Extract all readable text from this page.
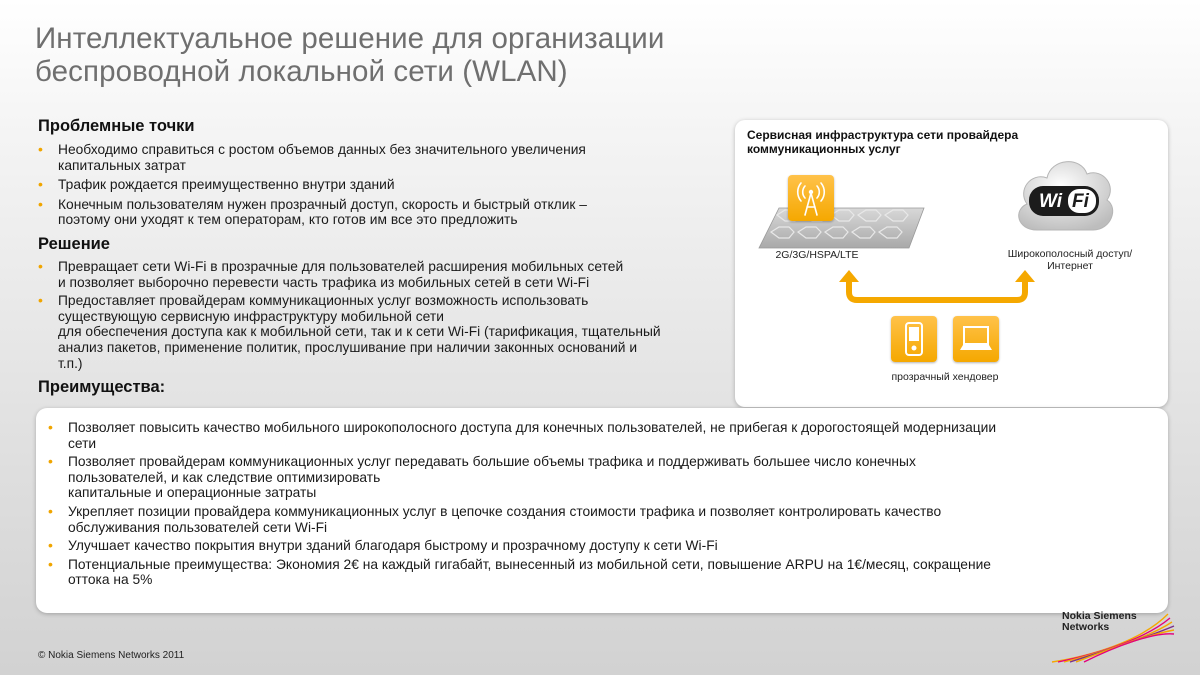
Интеллектуальное решение для организации
беспроводной локальной сети (WLAN)
Проблемные точки
• Необходимо справиться с ростом объемов данных без значительного увеличения
капитальных затрат
• Трафик рождается преимущественно внутри зданий
• Конечным пользователям нужен прозрачный доступ, скорость и быстрый отклик –
поэтому они уходят к тем операторам, кто готов им все это предложить
Решение
• Превращает сети Wi-Fi в прозрачные для пользователей расширения мобильных сетей
и позволяет выборочно перевести часть трафика из мобильных сетей в сети Wi-Fi
• Предоставляет провайдерам коммуникационных услуг возможность использовать
существующую сервисную инфраструктуру мобильной сети
для обеспечения доступа как к мобильной сети, так и к сети Wi-Fi (тарификация, тщательный
анализ пакетов, применение политик, прослушивание при наличии законных оснований и
т.п.)
Сервисная инфраструктура сети провайдера
коммуникационных услуг
2G/3G/HSPA/LTE
Wi Fi
Широкополосный доступ/
Интернет
прозрачный хендовер
Преимущества:
• Позволяет повысить качество мобильного широкополосного доступа для конечных пользователей, не прибегая к дорогостоящей модернизации
сети
• Позволяет провайдерам коммуникационных услуг передавать большие объемы трафика и поддерживать большее число конечных
пользователей, и как следствие оптимизировать
капитальные и операционные затраты
• Укрепляет позиции провайдера коммуникационных услуг в цепочке создания стоимости трафика и позволяет контролировать качество
обслуживания пользователей сети Wi-Fi
• Улучшает качество покрытия внутри зданий благодаря быстрому и прозрачному доступу к сети Wi-Fi
• Потенциальные преимущества: Экономия 2€ на каждый гигабайт, вынесенный из мобильной сети, повышение ARPU на 1€/месяц, сокращение
оттока на 5%
© Nokia Siemens Networks 2011
Nokia Siemens
Networks
